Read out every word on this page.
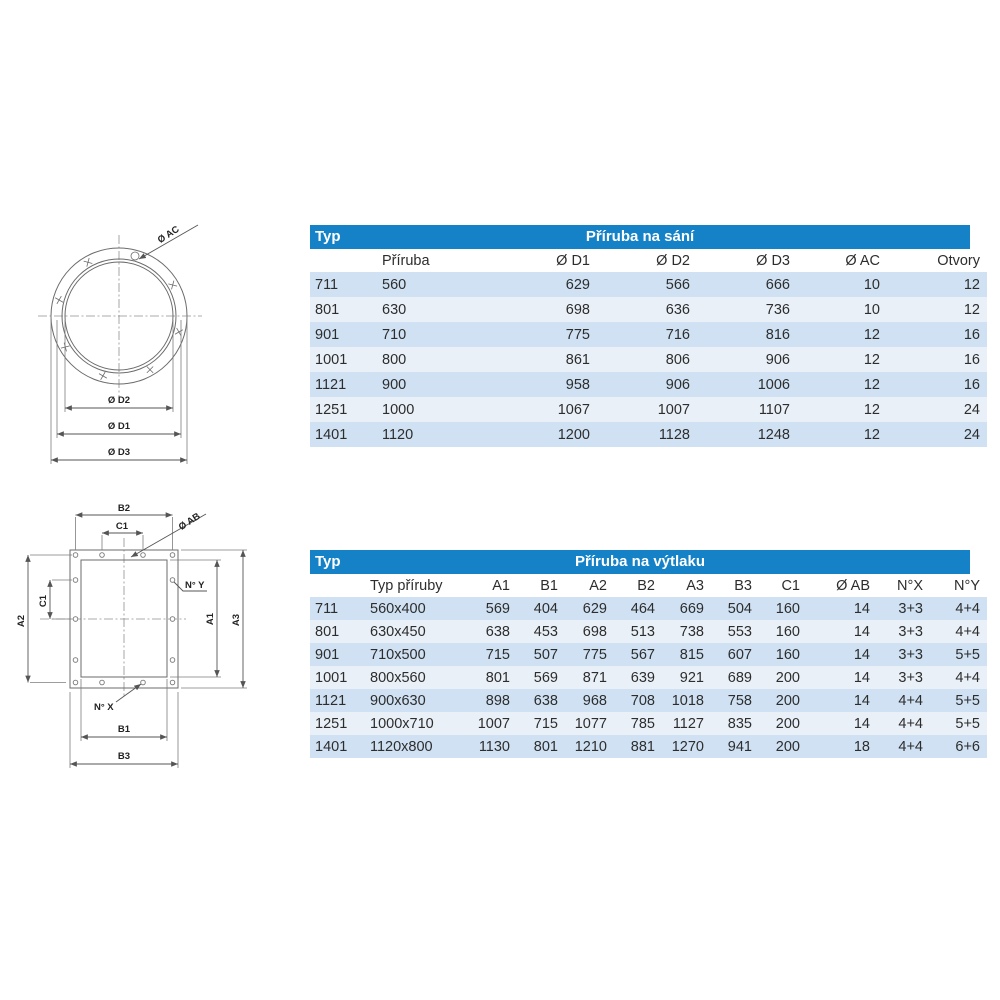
Ø AC
Ø D2
Ø D1
Ø D3
B2
C1	Ø AB
N° Y
A2
C1
A1 A3
N° X
B1
B3
Typ	Příruba na sání
	Příruba	Ø D1	Ø D2	Ø D3	Ø AC	Otvory
711	560	629	566	666	10	12
801	630	698	636	736	10	12
901	710	775	716	816	12	16
1001	800	861	806	906	12	16
1121	900	958	906	1006	12	16
1251	1000	1067	1007	1107	12	24
1401	1120	1200	1128	1248	12	24
Typ	Příruba na výtlaku
	Typ příruby	A1	B1	A2	B2	A3	B3	C1	Ø AB	N°X	N°Y
711	560x400	569	404	629	464	669	504	160	14	3+3	4+4
801	630x450	638	453	698	513	738	553	160	14	3+3	4+4
901	710x500	715	507	775	567	815	607	160	14	3+3	5+5
1001	800x560	801	569	871	639	921	689	200	14	3+3	4+4
1121	900x630	898	638	968	708	1018	758	200	14	4+4	5+5
1251	1000x710	1007	715	1077	785	1127	835	200	14	4+4	5+5
1401	1120x800	1130	801	1210	881	1270	941	200	18	4+4	6+6
